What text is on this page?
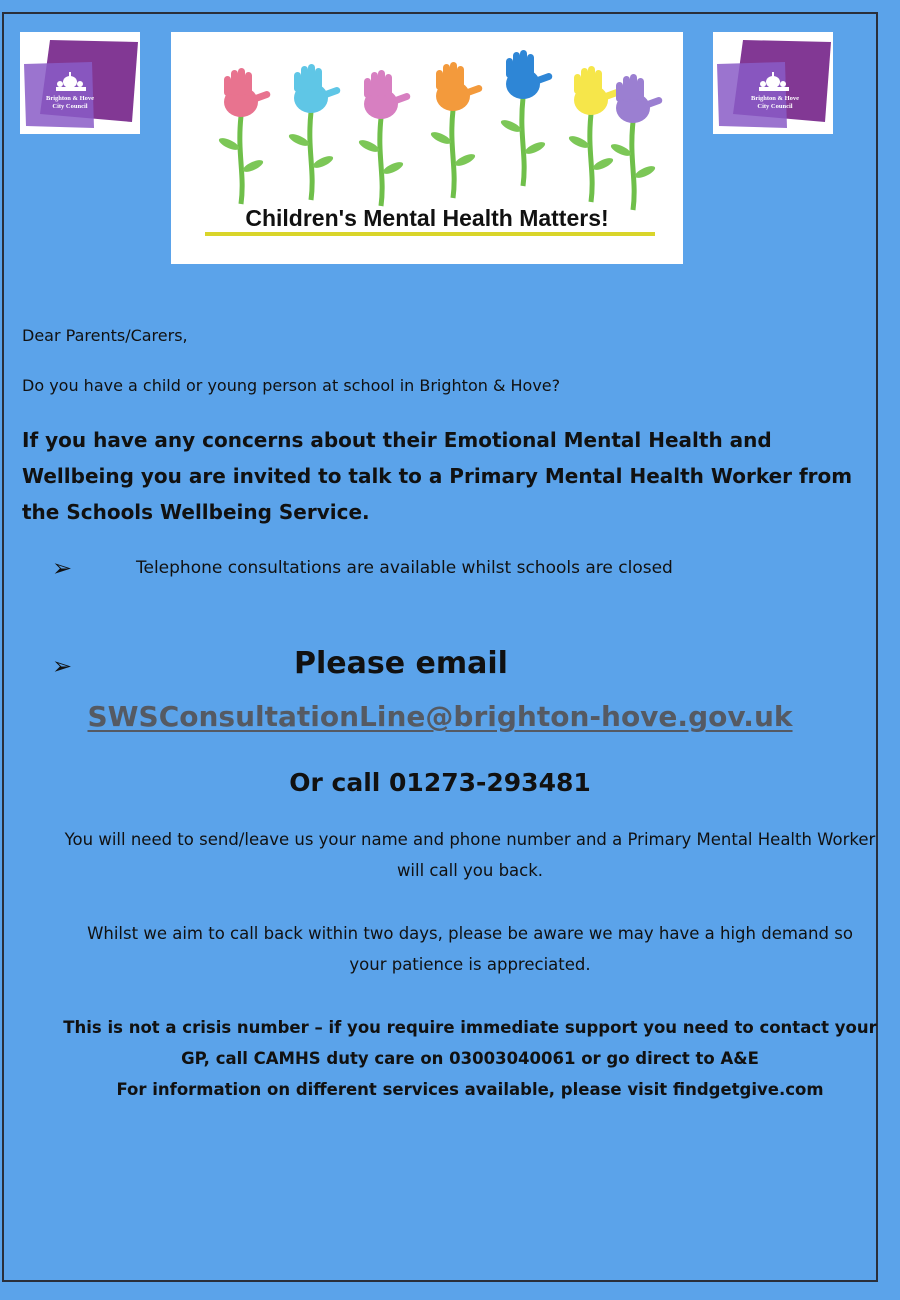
Brighton & Hove
City Council
Brighton & Hove
City Council
Children's Mental Health Matters!
Dear Parents/Carers,
Do you have a child or young person at school in Brighton & Hove?
If you have any concerns about their Emotional Mental Health and Wellbeing you are invited to talk to a Primary Mental Health Worker from the Schools Wellbeing Service.
➢	Telephone consultations are available whilst schools are closed
➢	Please email
SWSConsultationLine@brighton-hove.gov.uk
Or call 01273-293481
You will need to send/leave us your name and phone number and a Primary Mental Health Worker will call you back.
Whilst we aim to call back within two days, please be aware we may have a high demand so your patience is appreciated.
This is not a crisis number – if you require immediate support you need to contact your GP, call CAMHS duty care on 03003040061 or go direct to A&E
For information on different services available, please visit findgetgive.com
